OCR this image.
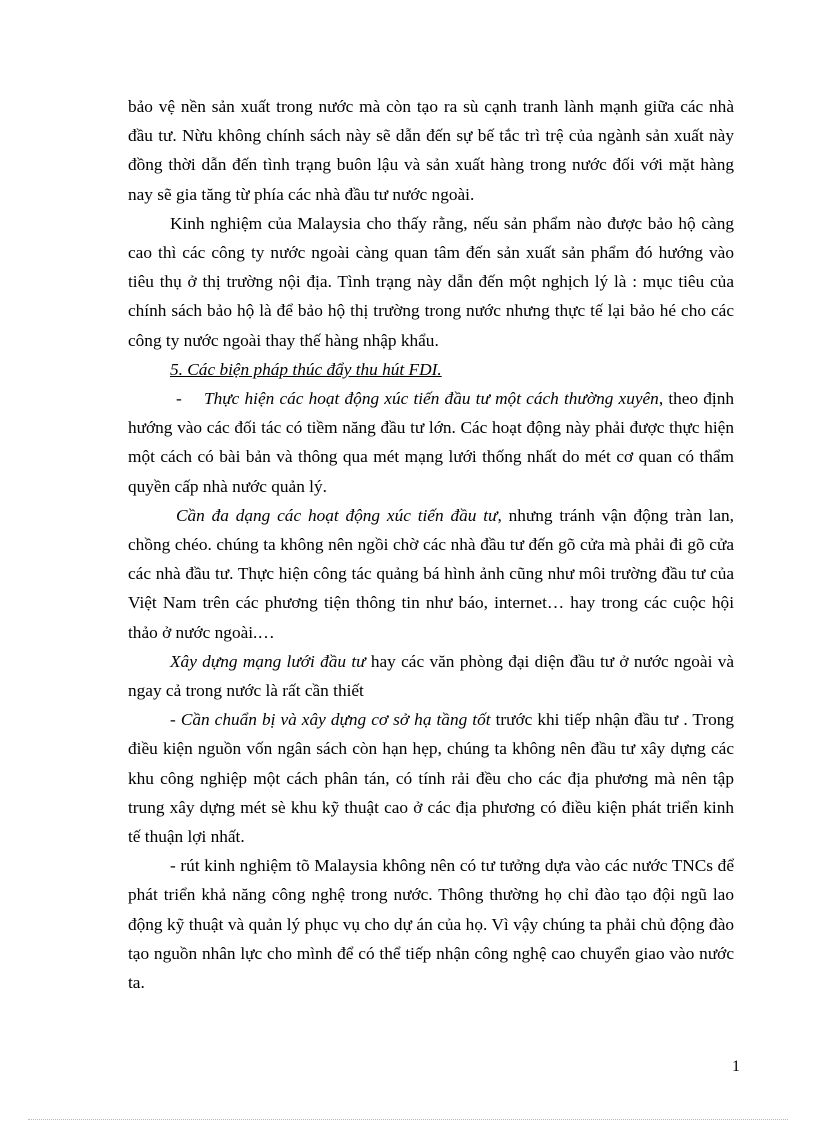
bảo vệ nền sản xuất trong nước mà còn tạo ra sù cạnh tranh lành mạnh giữa các nhà đầu tư. Nừu không chính sách này sẽ dẫn đến sự bế tắc trì trệ của ngành sản xuất này đồng thời dẫn đến tình trạng buôn lậu và sản xuất hàng trong nước đối với mặt hàng nay sẽ gia tăng từ phía các nhà đầu tư nước ngoài.

Kinh nghiệm của Malaysia cho thấy rằng, nếu sản phẩm nào được bảo hộ càng cao thì các công ty nước ngoài càng quan tâm đến sản xuất sản phẩm đó hướng vào tiêu thụ ở thị trường nội địa. Tình trạng này dẫn đến một nghịch lý là : mục tiêu của chính sách bảo hộ là để bảo hộ thị trường trong nước nhưng thực tế lại bảo hé cho các công ty nước ngoài thay thế hàng nhập khẩu.

5. Các biện pháp thúc đẩy thu hút FDI.

- Thực hiện các hoạt động xúc tiến đầu tư một cách thường xuyên, theo định hướng vào các đối tác có tiềm năng đầu tư lớn. Các hoạt động này phải được thực hiện một cách có bài bản và thông qua mét mạng lưới thống nhất do mét cơ quan có thẩm quyền cấp nhà nước quản lý.

Cần đa dạng các hoạt động xúc tiến đầu tư, nhưng tránh vận động tràn lan, chồng chéo. chúng ta không nên ngồi chờ các nhà đầu tư đến gõ cửa mà phải đi gõ cửa các nhà đầu tư. Thực hiện công tác quảng bá hình ảnh cũng như môi trường đầu tư của Việt Nam trên các phương tiện thông tin như báo, internet… hay trong các cuộc hội thảo ở nước ngoài.…

Xây dựng mạng lưới đầu tư hay các văn phòng đại diện đầu tư ở nước ngoài và ngay cả trong nước là rất cần thiết

- Cần chuẩn bị và xây dựng cơ sở hạ tầng tốt trước khi tiếp nhận đầu tư . Trong điều kiện nguồn vốn ngân sách còn hạn hẹp, chúng ta không nên đầu tư xây dựng các khu công nghiệp một cách phân tán, có tính rải đều cho các địa phương mà nên tập trung xây dựng mét sè khu kỹ thuật cao ở các địa phương có điều kiện phát triển kinh tế thuận lợi nhất.

- rút kinh nghiệm tõ Malaysia không nên có tư tưởng dựa vào các nước TNCs để phát triển khả năng công nghệ trong nước. Thông thường họ chỉ đào tạo đội ngũ lao động kỹ thuật và quản lý phục vụ cho dự án của họ. Vì vậy chúng ta phải chủ động đào tạo nguồn nhân lực cho mình để có thể tiếp nhận công nghệ cao chuyển giao vào nước ta.

1
